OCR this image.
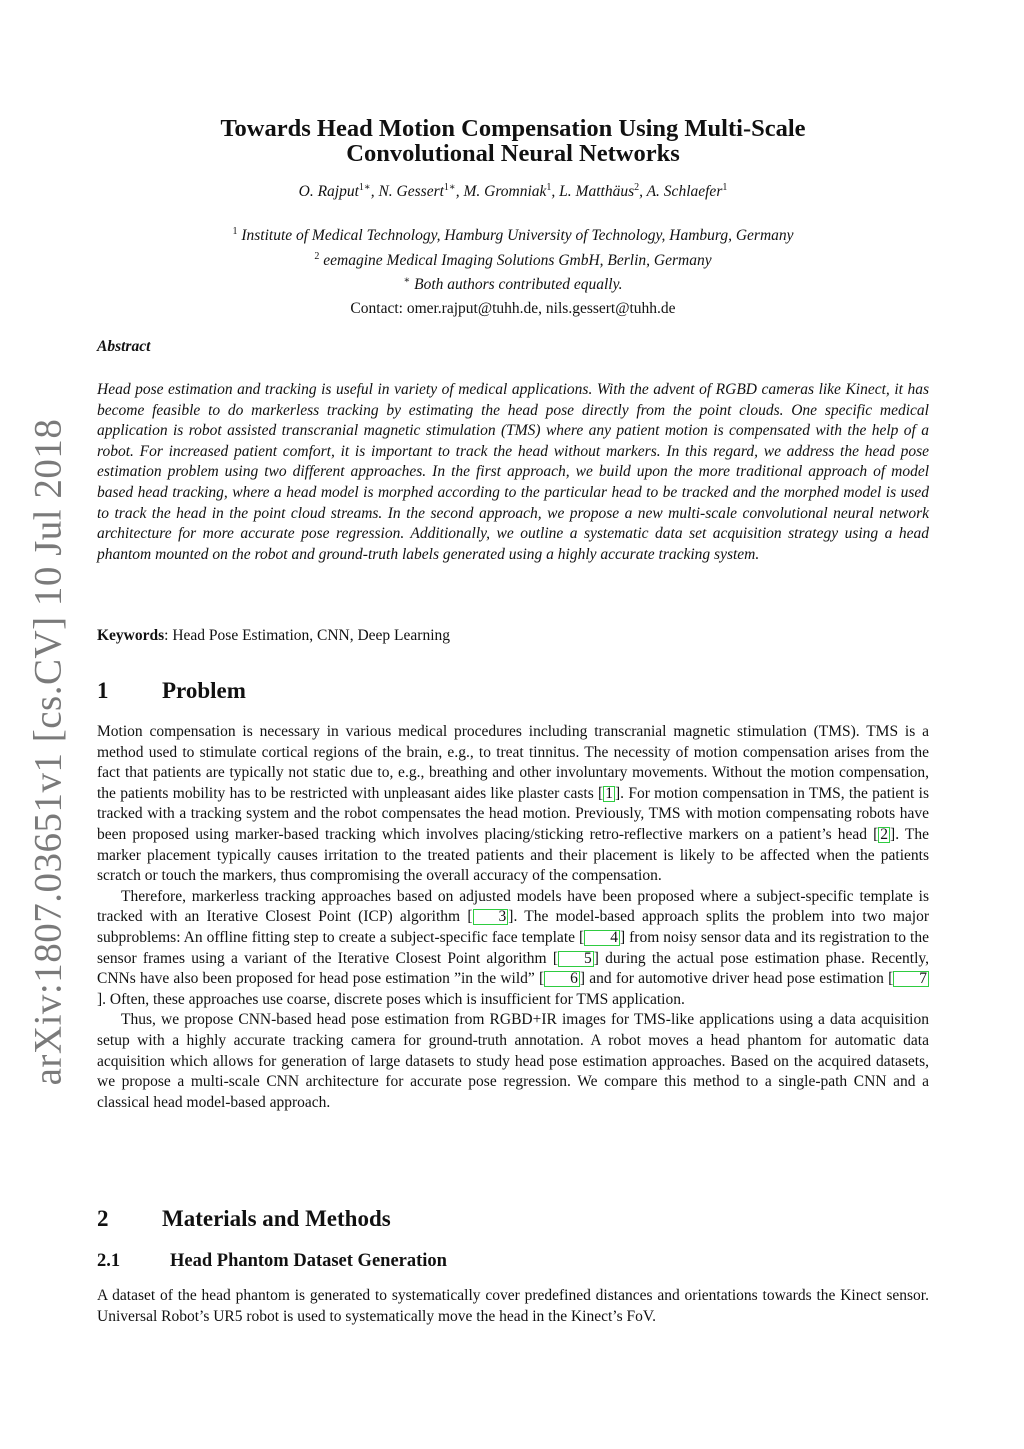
arXiv:1807.03651v1 [cs.CV] 10 Jul 2018
Towards Head Motion Compensation Using Multi-Scale
Convolutional Neural Networks
O. Rajput$^{1∗}$, N. Gessert$^{1∗}$, M. Gromniak$^1$, L. Matthäus$^2$, A. Schlaefer$^1$
$^1$ Institute of Medical Technology, Hamburg University of Technology, Hamburg, Germany
$^2$ eemagine Medical Imaging Solutions GmbH, Berlin, Germany
∗ Both authors contributed equally.
Contact: omer.rajput@tuhh.de, nils.gessert@tuhh.de
Abstract
Head pose estimation and tracking is useful in variety of medical applications. With the advent of RGBD cameras like Kinect, it has become feasible to do markerless tracking by estimating the head pose directly from the point clouds. One specific medical application is robot assisted transcranial magnetic stimulation (TMS) where any patient motion is compensated with the help of a robot. For increased patient comfort, it is important to track the head without markers. In this regard, we address the head pose estimation problem using two different approaches. In the first approach, we build upon the more traditional approach of model based head tracking, where a head model is morphed according to the particular head to be tracked and the morphed model is used to track the head in the point cloud streams. In the second approach, we propose a new multi-scale convolutional neural network architecture for more accurate pose regression. Additionally, we outline a systematic data set acquisition strategy using a head phantom mounted on the robot and ground-truth labels generated using a highly accurate tracking system.
Keywords: Head Pose Estimation, CNN, Deep Learning
1 Problem

Motion compensation is necessary in various medical procedures including transcranial magnetic stimulation (TMS). TMS is a method used to stimulate cortical regions of the brain, e.g., to treat tinnitus. The necessity of motion compensation arises from the fact that patients are typically not static due to, e.g., breathing and other involuntary movements. Without the motion compensation, the patients mobility has to be restricted with unpleasant aides like plaster casts [ 1 ]. For motion compensation in TMS, the patient is tracked with a tracking system and the robot compensates the head motion. Previously, TMS with motion compensating robots have been proposed using marker-based tracking which involves placing/sticking retro-reflective markers on a patient’s head [ 2 ]. The marker placement typically causes irritation to the treated patients and their placement is likely to be affected when the patients scratch or touch the markers, thus compromising the overall accuracy of the compensation.

Therefore, markerless tracking approaches based on adjusted models have been proposed where a subject-specific template is tracked with an Iterative Closest Point (ICP) algorithm [ 3 ]. The model-based approach splits the problem into two major subproblems: An offline fitting step to create a subject-specific face template [ 4 ] from noisy sensor data and its registration to the sensor frames using a variant of the Iterative Closest Point algorithm [ 5 ] during the actual pose estimation phase. Recently, CNNs have also been proposed for head pose estimation ”in the wild” [ 6 ] and for automotive driver head pose estimation [ 7]. Often, these approaches use coarse, discrete poses which is insufficient for TMS application.

Thus, we propose CNN-based head pose estimation from RGBD+IR images for TMS-like applications using a data acquisition setup with a highly accurate tracking camera for ground-truth annotation. A robot moves a head phantom for automatic data acquisition which allows for generation of large datasets to study head pose estimation approaches. Based on the acquired datasets, we propose a multi-scale CNN architecture for accurate pose regression. We compare this method to a single-path CNN and a classical head model-based approach.

2 Materials and Methods
2.1	Head Phantom Dataset Generation

A dataset of the head phantom is generated to systematically cover predefined distances and orientations towards the Kinect sensor. Universal Robot’s UR5 robot is used to systematically move the head in the Kinect’s FoV.
